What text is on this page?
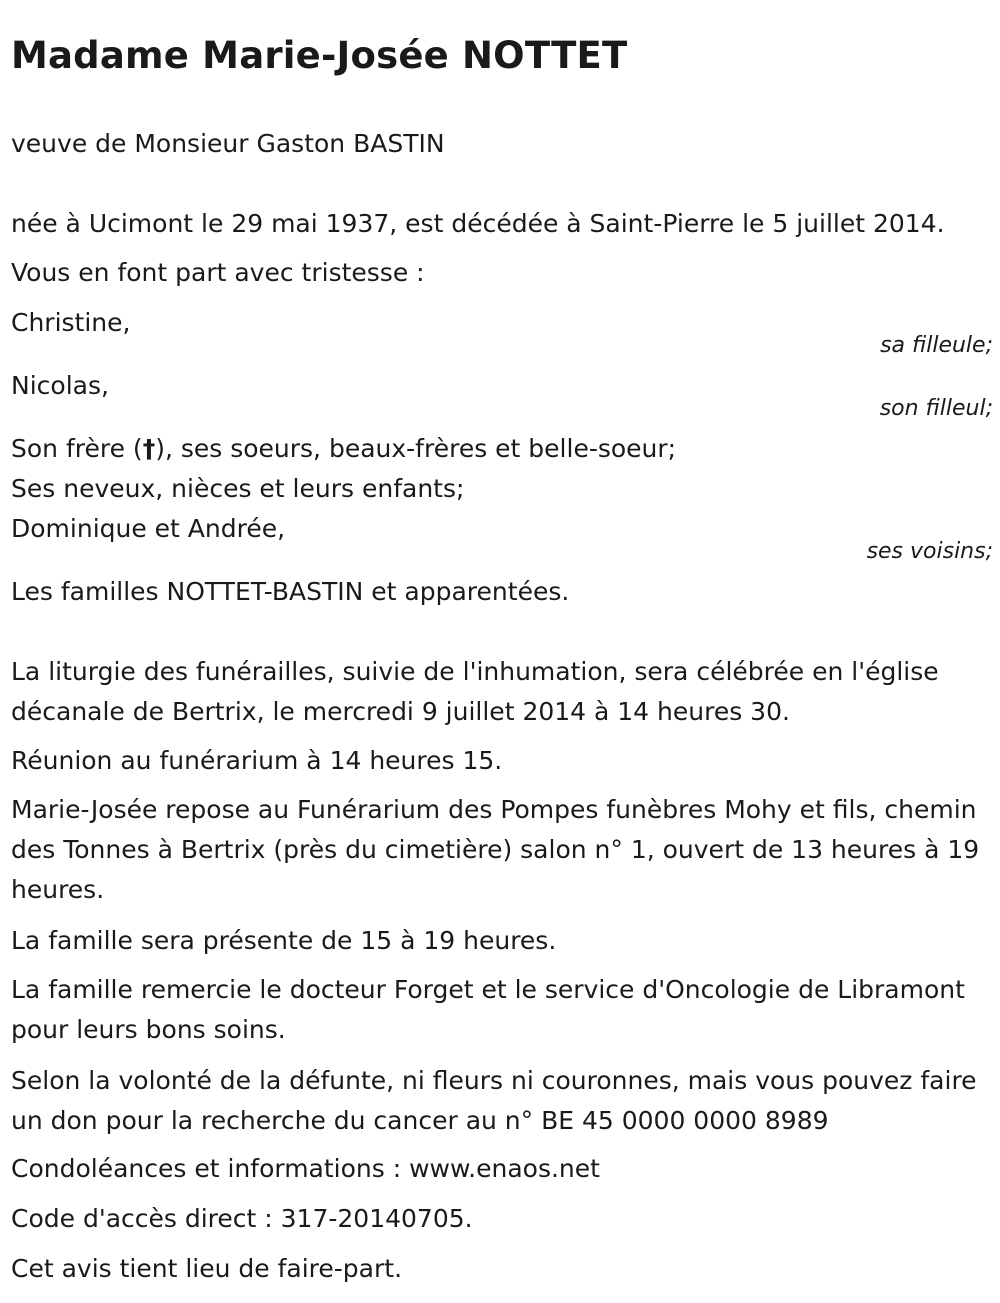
Madame Marie-Josée NOTTET
veuve de Monsieur Gaston BASTIN
née à Ucimont le 29 mai 1937, est décédée à Saint-Pierre le 5 juillet 2014.
Vous en font part avec tristesse :
Christine,
sa filleule;
Nicolas,
son filleul;
Son frère (†), ses soeurs, beaux-frères et belle-soeur;
Ses neveux, nièces et leurs enfants;
Dominique et Andrée,
ses voisins;
Les familles NOTTET-BASTIN et apparentées.
La liturgie des funérailles, suivie de l'inhumation, sera célébrée en l'église décanale de Bertrix, le mercredi 9 juillet 2014 à 14 heures 30.
Réunion au funérarium à 14 heures 15.
Marie-Josée repose au Funérarium des Pompes funèbres Mohy et fils, chemin des Tonnes à Bertrix (près du cimetière) salon n° 1, ouvert de 13 heures à 19 heures.
La famille sera présente de 15 à 19 heures.
La famille remercie le docteur Forget et le service d'Oncologie de Libramont pour leurs bons soins.
Selon la volonté de la défunte, ni fleurs ni couronnes, mais vous pouvez faire un don pour la recherche du cancer au n° BE 45 0000 0000 8989
Condoléances et informations : www.enaos.net
Code d'accès direct : 317-20140705.
Cet avis tient lieu de faire-part.
